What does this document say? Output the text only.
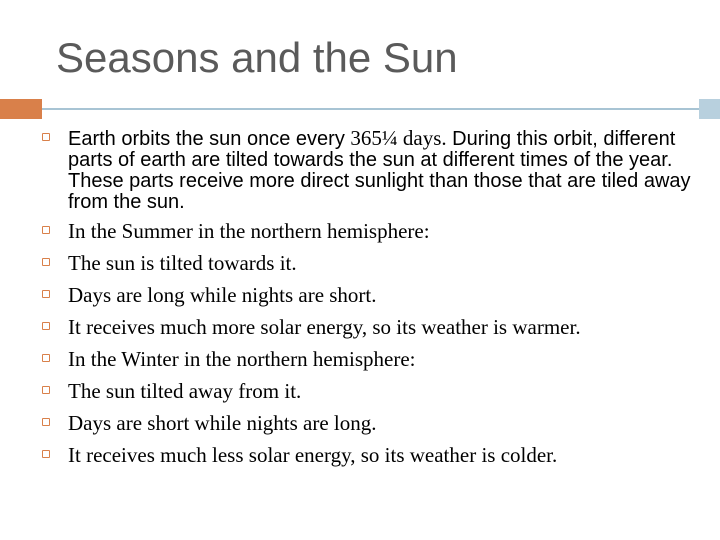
Seasons and the Sun
Earth orbits the sun once every 365¼ days. During this orbit, different parts of earth are tilted towards the sun at different times of the year. These parts receive more direct sunlight than those that are tiled away from the sun.
In the Summer in the northern hemisphere:
The sun is tilted towards it.
Days are long while nights are short.
It receives much more solar energy, so its weather is warmer.
In the Winter in the northern hemisphere:
The sun tilted away from it.
Days are short while nights are long.
It receives much less solar energy, so its weather is colder.
